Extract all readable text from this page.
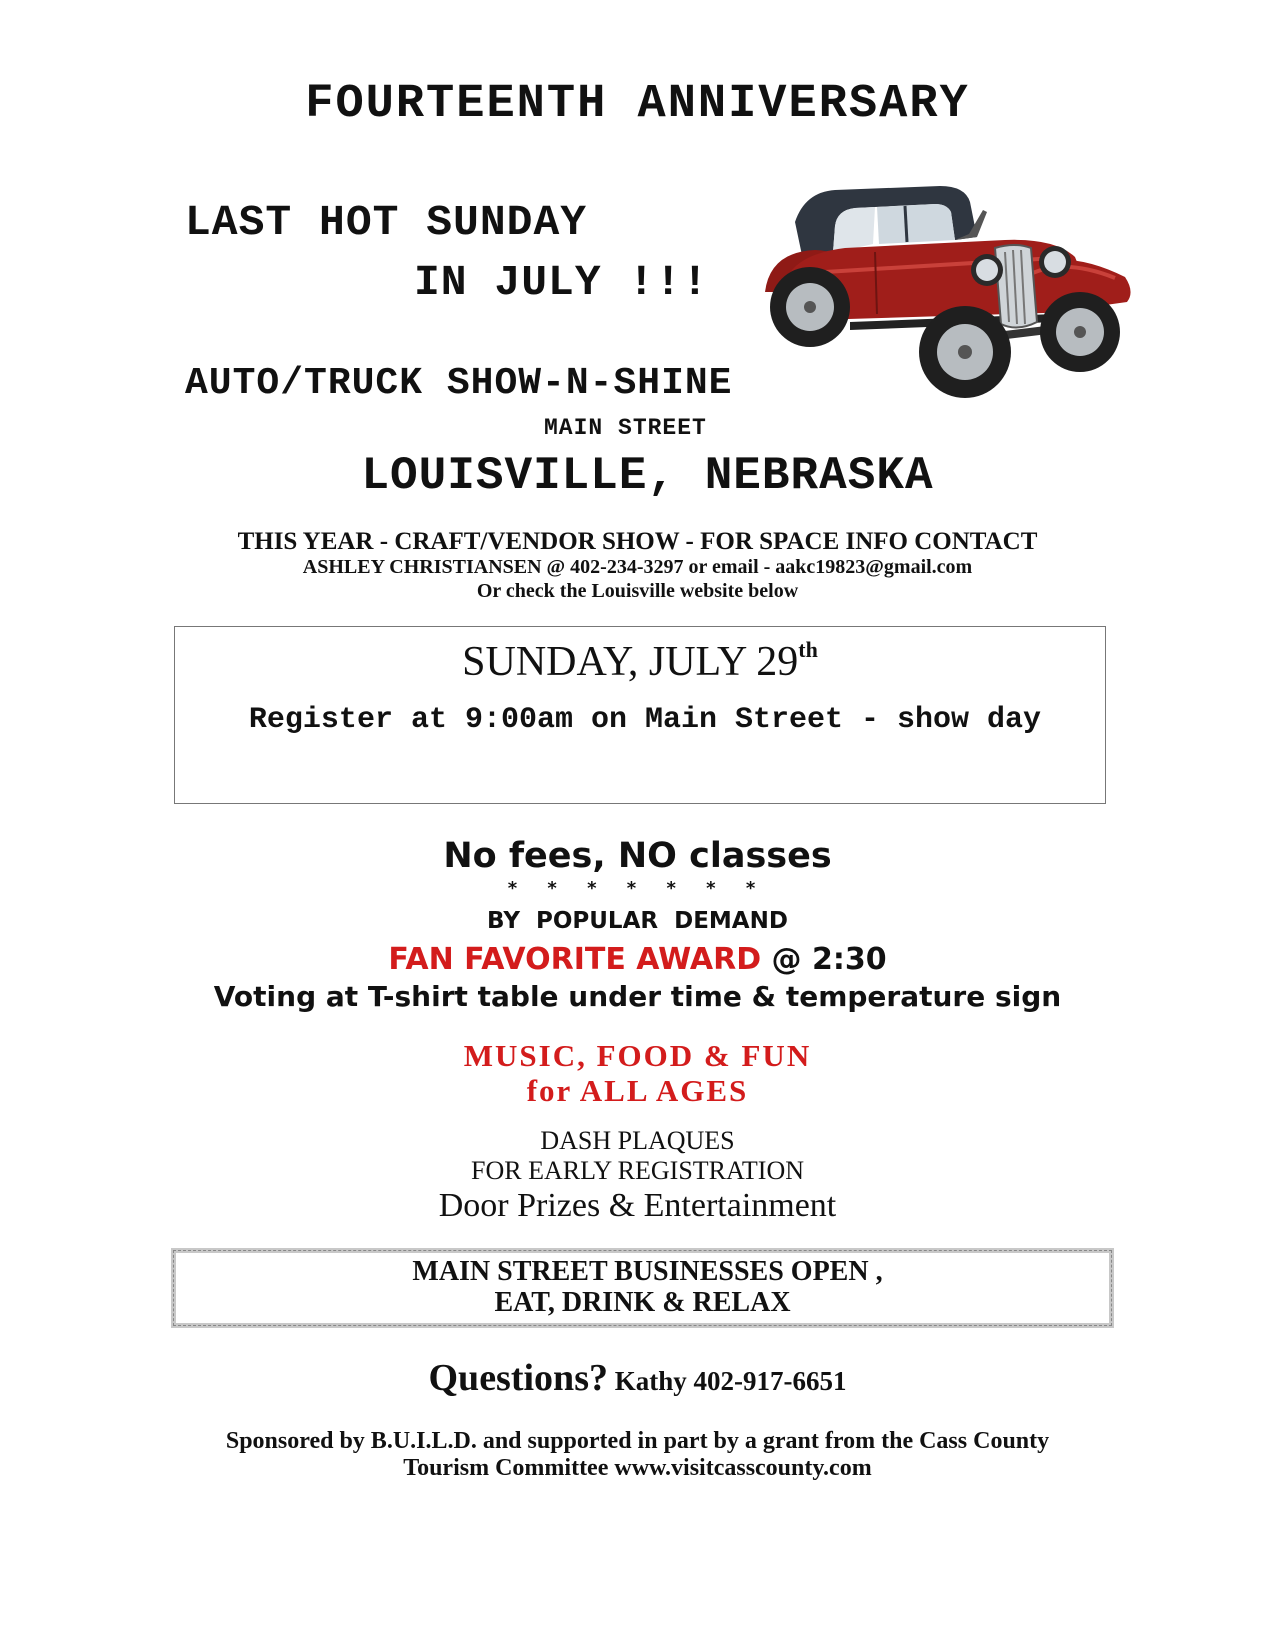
FOURTEENTH ANNIVERSARY
LAST HOT SUNDAY
IN JULY !!!
AUTO/TRUCK SHOW-N-SHINE
MAIN STREET
LOUISVILLE, NEBRASKA
THIS YEAR - CRAFT/VENDOR SHOW - FOR SPACE INFO CONTACT
ASHLEY CHRISTIANSEN @ 402-234-3297 or email - aakc19823@gmail.com
Or check the Louisville website below
SUNDAY, JULY 29th
Register at 9:00am on Main Street - show day
No fees, NO classes
* * * * * * *
BY POPULAR DEMAND
FAN FAVORITE AWARD @ 2:30
Voting at T-shirt table under time & temperature sign
MUSIC, FOOD & FUN
for ALL AGES
DASH PLAQUES
FOR EARLY REGISTRATION
Door Prizes & Entertainment
MAIN STREET BUSINESSES OPEN ,
EAT, DRINK & RELAX
Questions? Kathy 402-917-6651
Sponsored by B.U.I.L.D. and supported in part by a grant from the Cass County
Tourism Committee www.visitcasscounty.com
